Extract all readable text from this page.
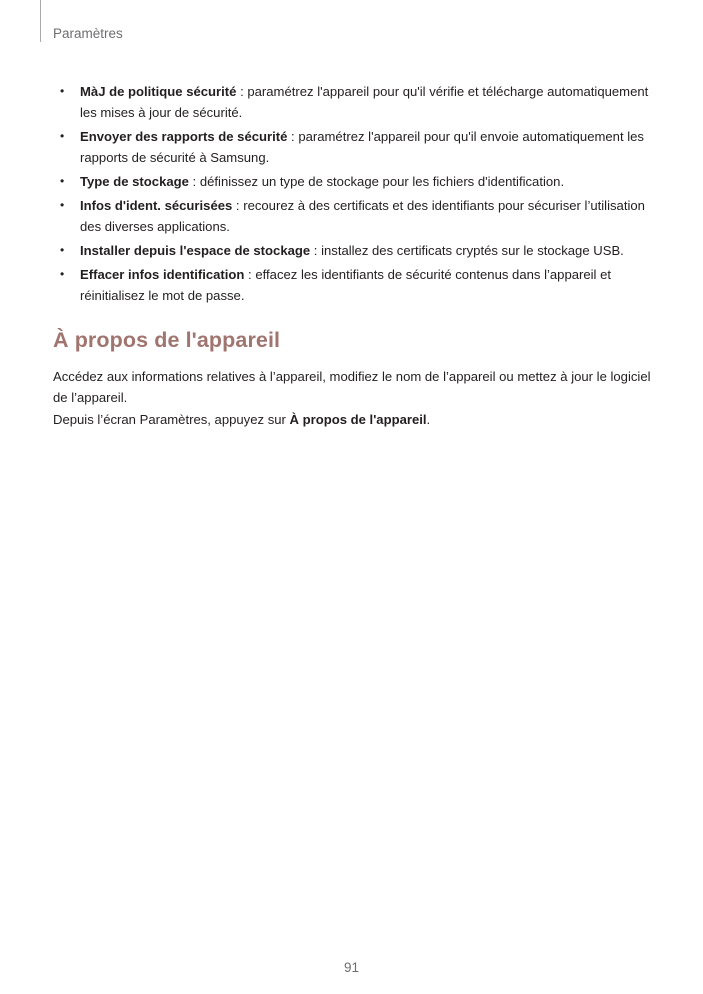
Paramètres

• MàJ de politique sécurité : paramétrez l'appareil pour qu'il vérifie et télécharge automatiquement les mises à jour de sécurité.
• Envoyer des rapports de sécurité : paramétrez l'appareil pour qu'il envoie automatiquement les rapports de sécurité à Samsung.
• Type de stockage : définissez un type de stockage pour les fichiers d'identification.
• Infos d'ident. sécurisées : recourez à des certificats et des identifiants pour sécuriser l’utilisation des diverses applications.
• Installer depuis l'espace de stockage : installez des certificats cryptés sur le stockage USB.
• Effacer infos identification : effacez les identifiants de sécurité contenus dans l’appareil et réinitialisez le mot de passe.
À propos de l'appareil

Accédez aux informations relatives à l’appareil, modifiez le nom de l’appareil ou mettez à jour le logiciel de l’appareil.

Depuis l’écran Paramètres, appuyez sur À propos de l'appareil.

91
